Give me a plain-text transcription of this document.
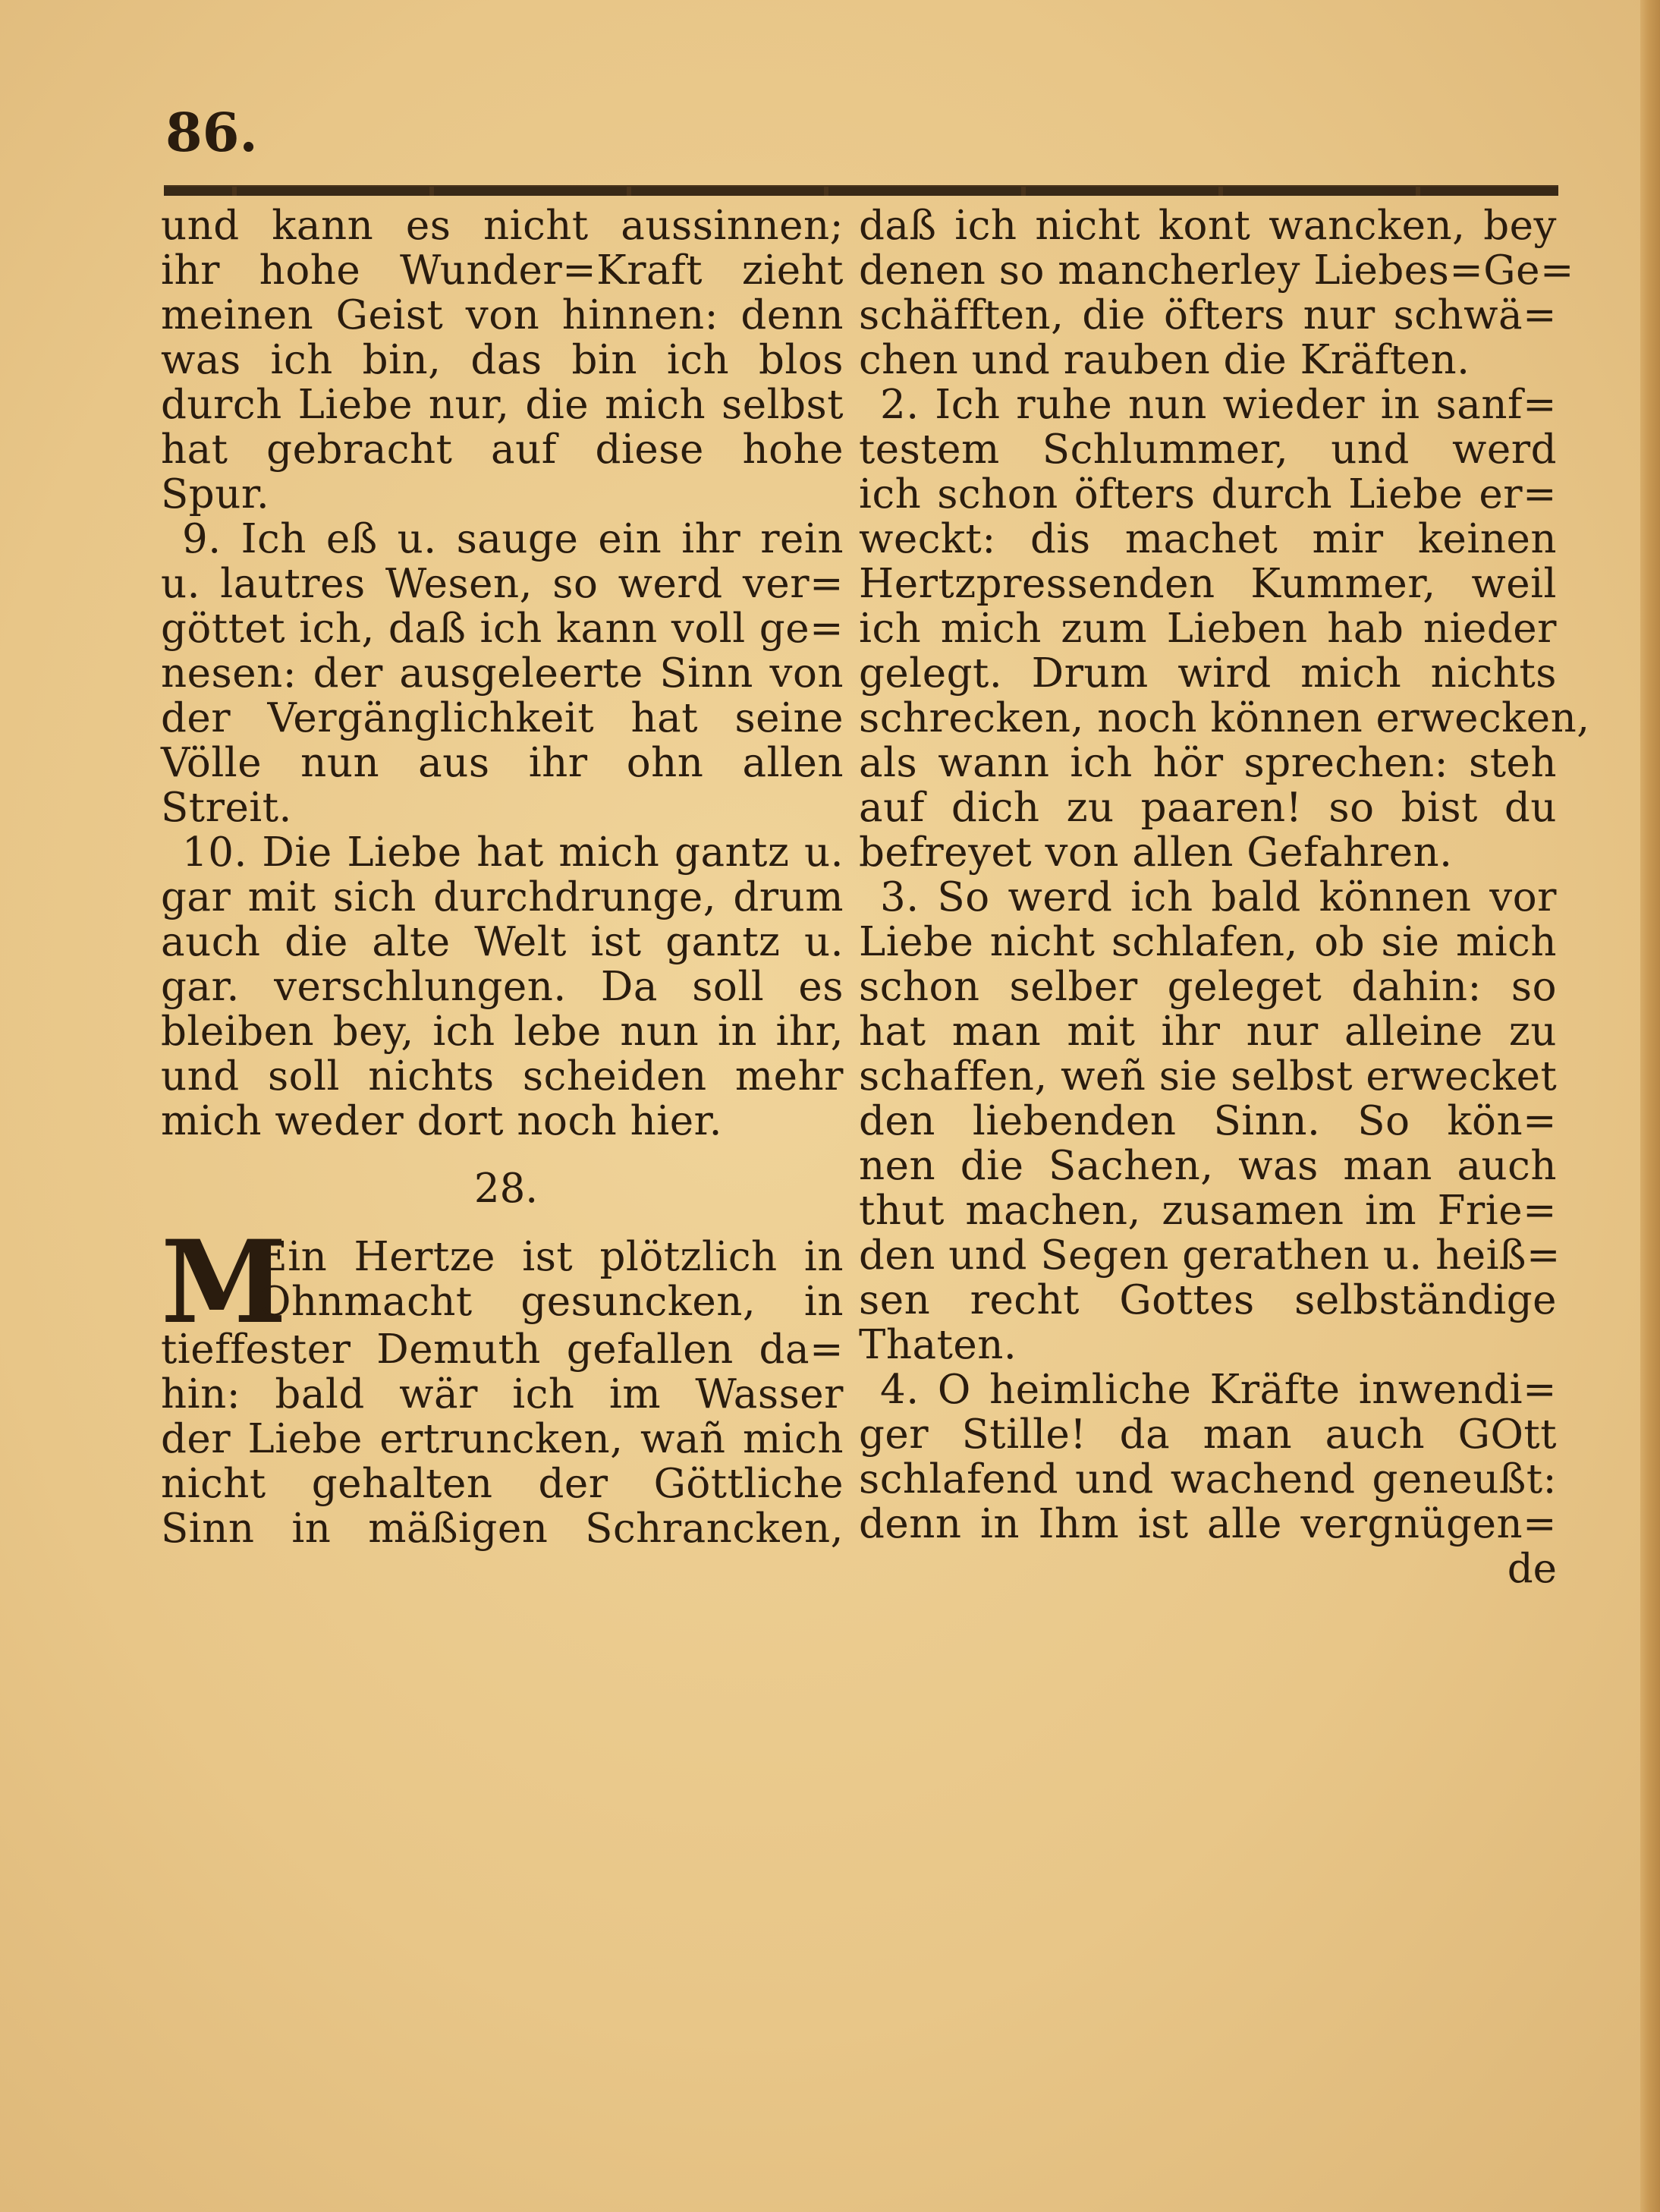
86.
und kann es nicht aussinnen;
ihr hohe Wunder=Kraft zieht
meinen Geist von hinnen: denn
was ich bin, das bin ich blos
durch Liebe nur, die mich selbst
hat gebracht auf diese hohe
Spur.
9. Ich eß u. sauge ein ihr rein
u. lautres Wesen, so werd ver=
göttet ich, daß ich kann voll ge=
nesen: der ausgeleerte Sinn von
der Vergänglichkeit hat seine
Völle nun aus ihr ohn allen
Streit.
10. Die Liebe hat mich gantz u.
gar mit sich durchdrunge, drum
auch die alte Welt ist gantz u.
gar. verschlungen. Da soll es
bleiben bey, ich lebe nun in ihr,
und soll nichts scheiden mehr
mich weder dort noch hier.
28.
M
Ein Hertze ist plötzlich in
Ohnmacht gesuncken, in
tieffester Demuth gefallen da=
hin: bald wär ich im Wasser
der Liebe ertruncken, wañ mich
nicht gehalten der Göttliche
Sinn in mäßigen Schrancken,
daß ich nicht kont wancken, bey
denen so mancherley Liebes=Ge=
schäfften, die öfters nur schwä=
chen und rauben die Kräften.
2. Ich ruhe nun wieder in sanf=
testem Schlummer, und werd
ich schon öfters durch Liebe er=
weckt: dis machet mir keinen
Hertzpressenden Kummer, weil
ich mich zum Lieben hab nieder
gelegt. Drum wird mich nichts
schrecken, noch können erwecken,
als wann ich hör sprechen: steh
auf dich zu paaren! so bist du
befreyet von allen Gefahren.
3. So werd ich bald können vor
Liebe nicht schlafen, ob sie mich
schon selber geleget dahin: so
hat man mit ihr nur alleine zu
schaffen, weñ sie selbst erwecket
den liebenden Sinn. So kön=
nen die Sachen, was man auch
thut machen, zusamen im Frie=
den und Segen gerathen u. heiß=
sen recht Gottes selbständige
Thaten.
4. O heimliche Kräfte inwendi=
ger Stille! da man auch GOtt
schlafend und wachend geneußt:
denn in Ihm ist alle vergnügen=
de
